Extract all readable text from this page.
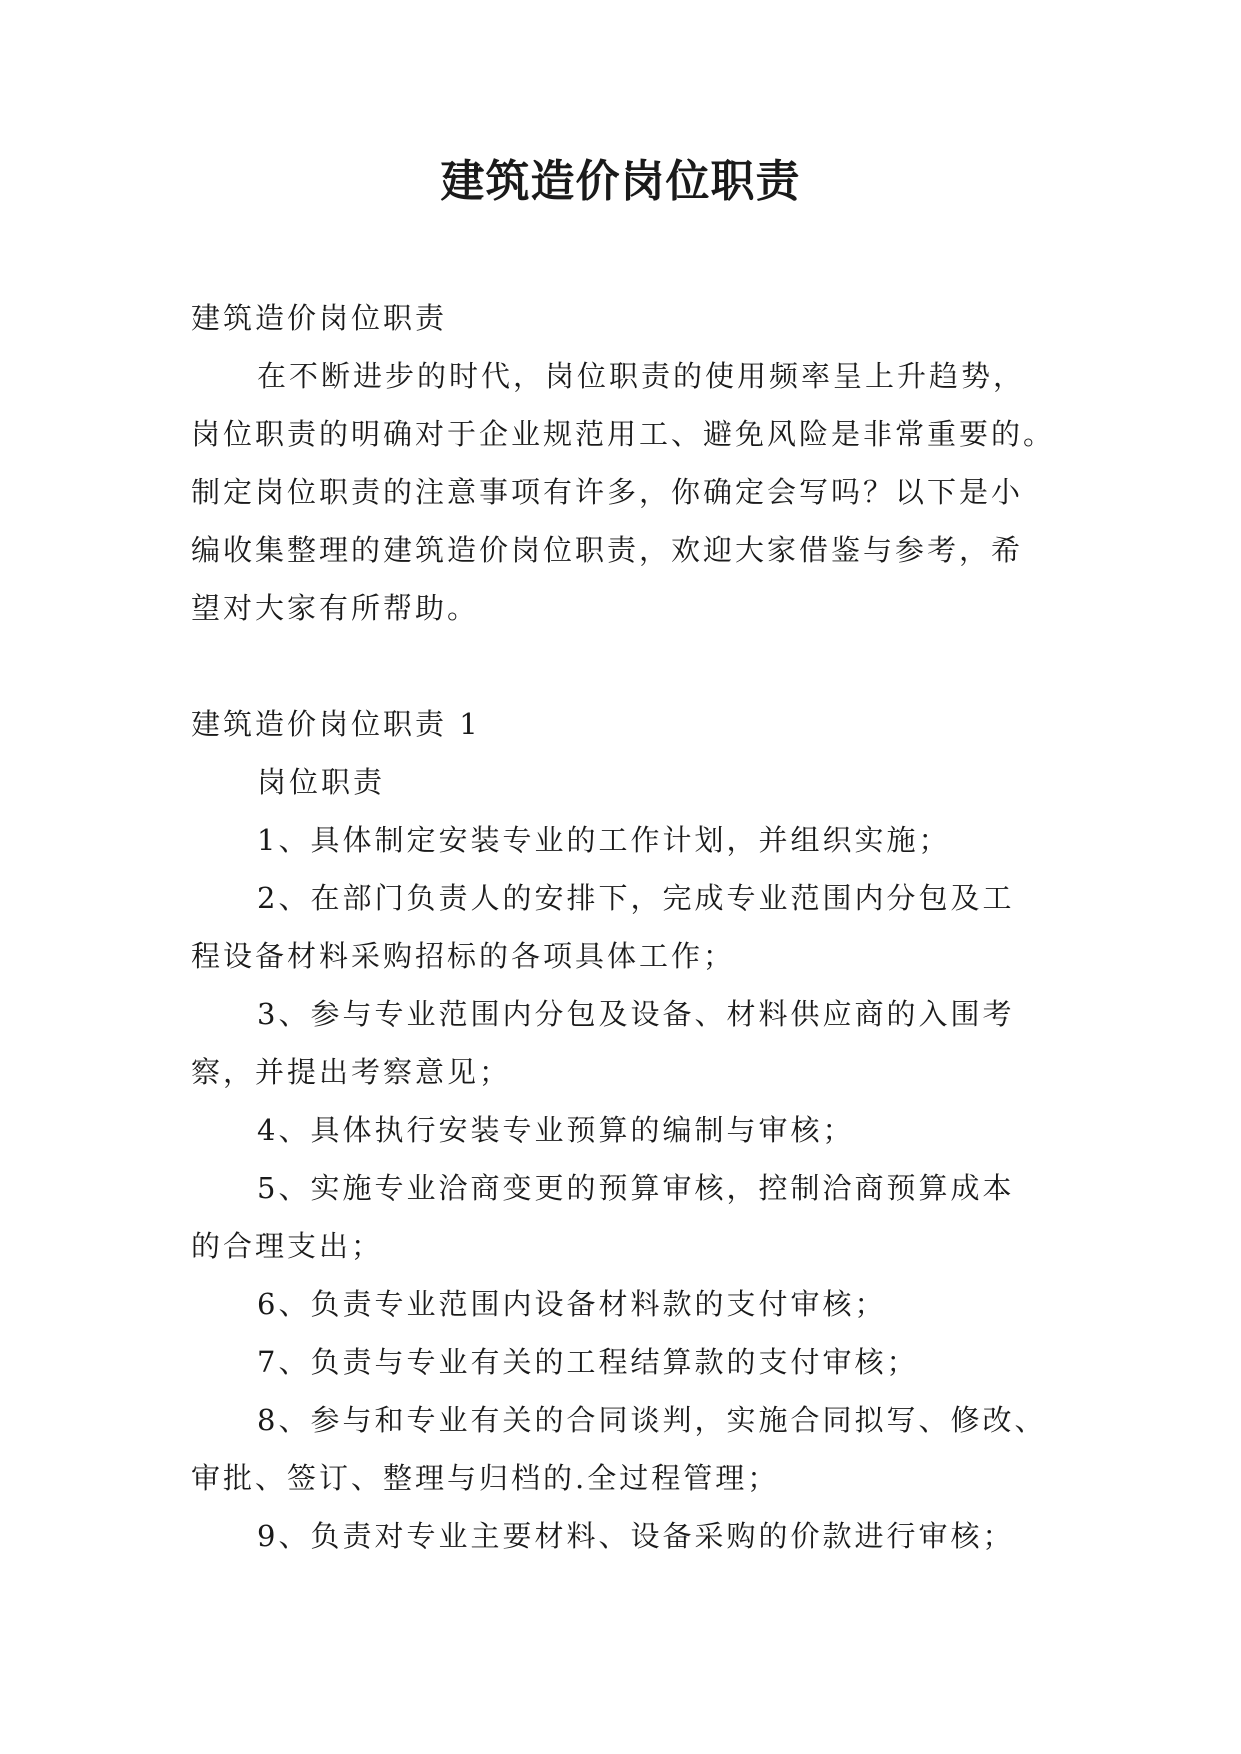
建筑造价岗位职责
建筑造价岗位职责
在不断进步的时代，岗位职责的使用频率呈上升趋势，
岗位职责的明确对于企业规范用工、避免风险是非常重要的。
制定岗位职责的注意事项有许多，你确定会写吗？以下是小
编收集整理的建筑造价岗位职责，欢迎大家借鉴与参考，希
望对大家有所帮助。
建筑造价岗位职责 1
岗位职责
1、具体制定安装专业的工作计划，并组织实施；
2、在部门负责人的安排下，完成专业范围内分包及工
程设备材料采购招标的各项具体工作；
3、参与专业范围内分包及设备、材料供应商的入围考
察，并提出考察意见；
4、具体执行安装专业预算的编制与审核；
5、实施专业洽商变更的预算审核，控制洽商预算成本
的合理支出；
6、负责专业范围内设备材料款的支付审核；
7、负责与专业有关的工程结算款的支付审核；
8、参与和专业有关的合同谈判，实施合同拟写、修改、
审批、签订、整理与归档的.全过程管理；
9、负责对专业主要材料、设备采购的价款进行审核；
